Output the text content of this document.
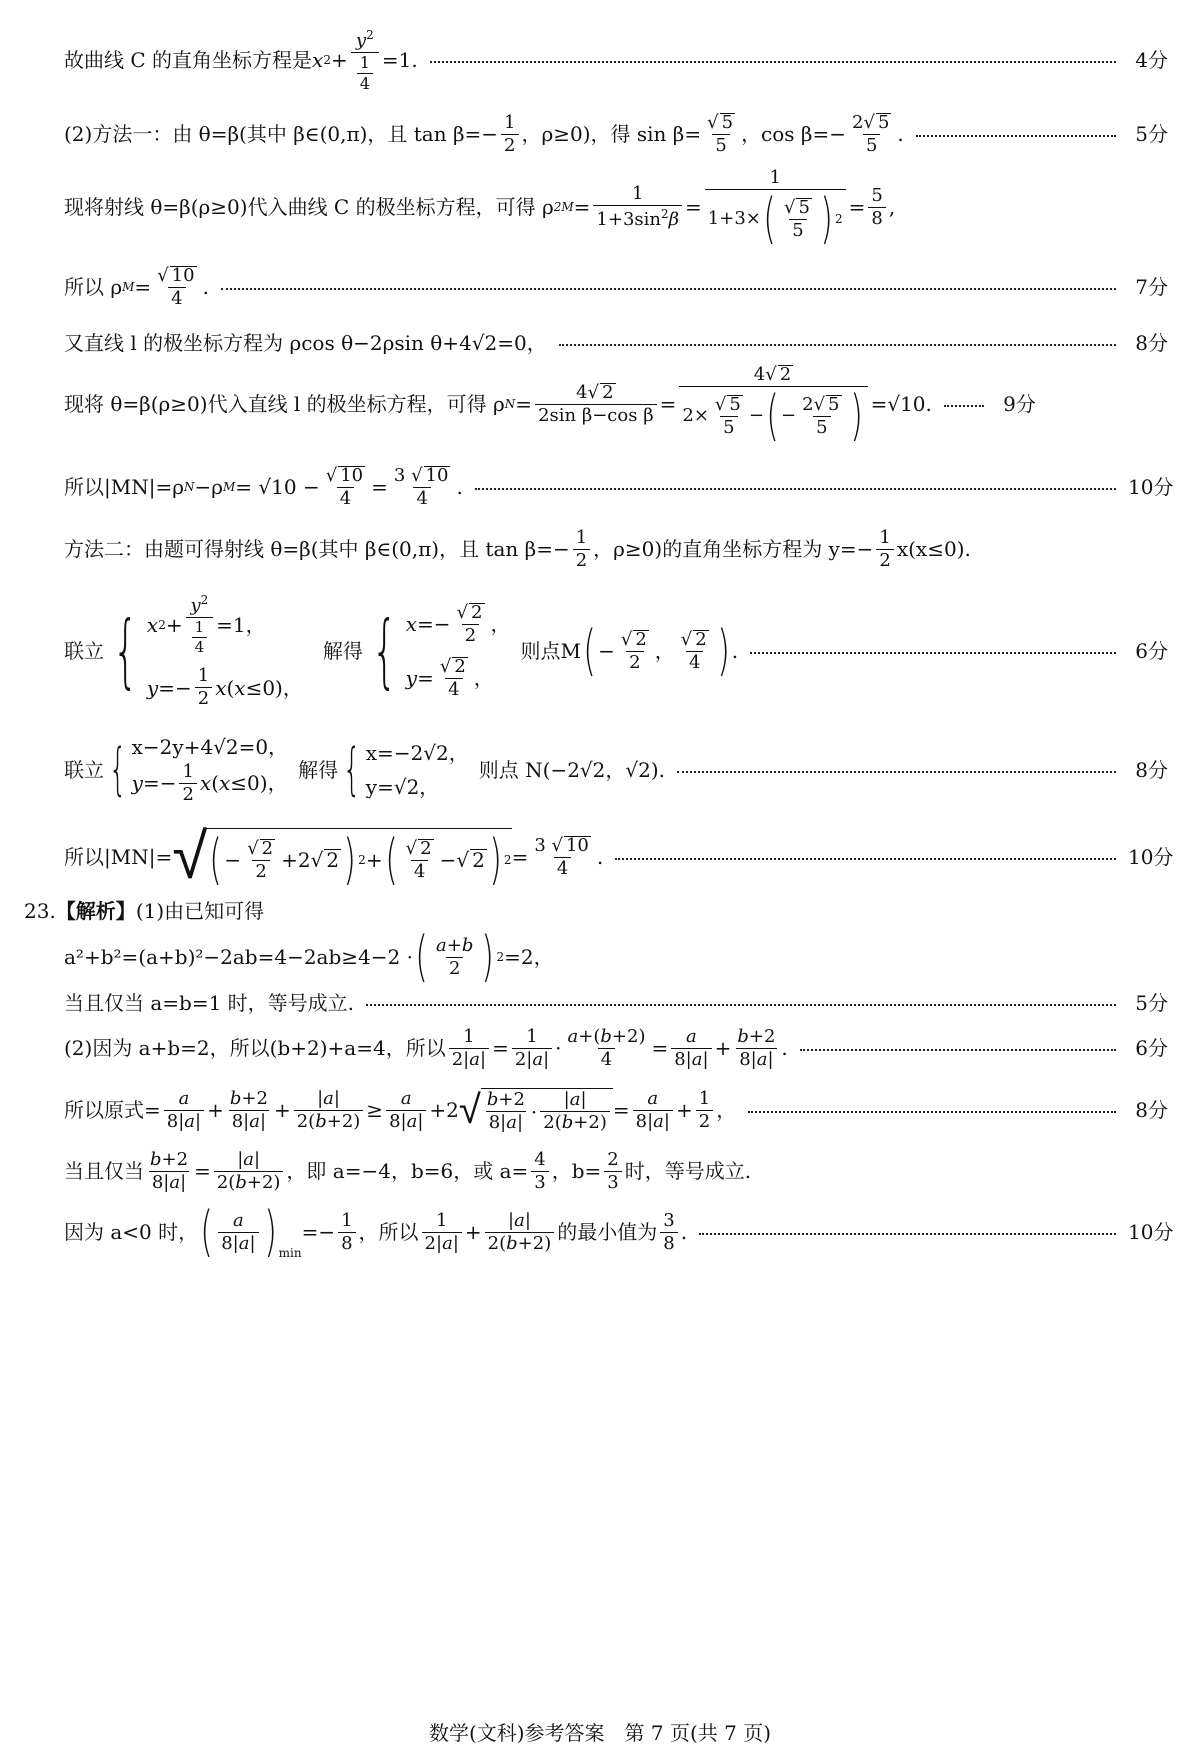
故曲线 C 的直角坐标方程是 x 2 +
$y^2$
$\frac{1}{4} =1$.	4分
(2)方法一：由 θ=β(其中 β∈(0,π)，且 $\tan \beta=- \frac{1}{2}$ ，ρ≥0)，得 $\sin \beta= \frac{√ 5}{5}$ ，$\cos \beta=- \frac{2√ 5}{5}$ .	5分
现将射线 θ=β(ρ≥0)代入曲线 C 的极坐标方程，可得 ρ 2 $M = \frac{1}{1+3\sin^2\beta} = 1$
1+3× ( √ 5
5 ) $2 = \frac{5}{8}$ ,
所以 ρ $M = \frac{√ 10}{4}$ .	7分
又直线 l 的极坐标方程为 ρcos θ−2ρsin θ+4√2=0，	8分
现将 θ=β(ρ≥0)代入直线 l 的极坐标方程，可得 ρ $N = \frac{4√ 2}{\text{2sin β−cos β}} = 4√$ 2
2×
√ 5
5
− ( −
2√ 5
5 ) =√10.	9分
所以|MN|=ρ N −ρ $M = √10 - \frac{√ 10}{4} = \frac{3 √ 10}{4}$ .	10分
方法二：由题可得射线 θ=β(其中 β∈(0,π)，且 $\tan \beta=- \frac{1}{2}$ ，ρ≥0)的直角坐标方程为 $y=- \frac{1}{2} x(x\le 0)$.
联立 { x 2 +
$y^2$
$\frac{1}{4} =1$，
y =− 1
2 x ( x ≤0)，
解得 { x =− √ 2
2 ，
y = √ 2
4 ，
则点M ( − √ 2
2 ， √ 2
4 ) .	6分
联立 { x−2y+4√2=0，
y =− 1
2 x ( x ≤0)，
解得 { x=−2√2，
y=√2，
则点 N(−2√2，√2).	8分
所以|MN|= √ ( − √ 2
2 +2√ 2 ) 2 + ( √ 2
4 −√ 2 ) 2 = 3 √ 10
4 .	10分
23. 【解析】 (1)由已知可得
a²+b²=(a+b)²−2ab=4−2ab≥4−2 · ( a+b
2 ) 2 =2，
当且仅当 a=b=1 时，等号成立.	5分
(2)因为 a+b=2，所以(b+2)+a=4，所以 1
2|a| = 1
2|a| · a+(b+2)
4 = a
8|a| + b+2
8|a| .	6分
所以原式= a
8|a| + b+2
8|a| + |a|
2(b+2) ≥ a
8|a| +2 √ b+2
8|a| · |a|
2(b+2)
= a
8|a| + 1
2 ，	8分
当且仅当 b+2
8|a| = |a|
2(b+2) ，即 a=−4，b=6，或 $a= \frac{4}{3}$ ，$b= \frac{2}{3}$ 时，等号成立.
因为 a<0 时， ( a
8|a| )$_{min}$
=− $\frac{1}{8}$ ，所以 1
2|a| + |a|
2(b+2) 的最小值为 3
8 .	10分
数学(文科)参考答案　第 7 页(共 7 页)
